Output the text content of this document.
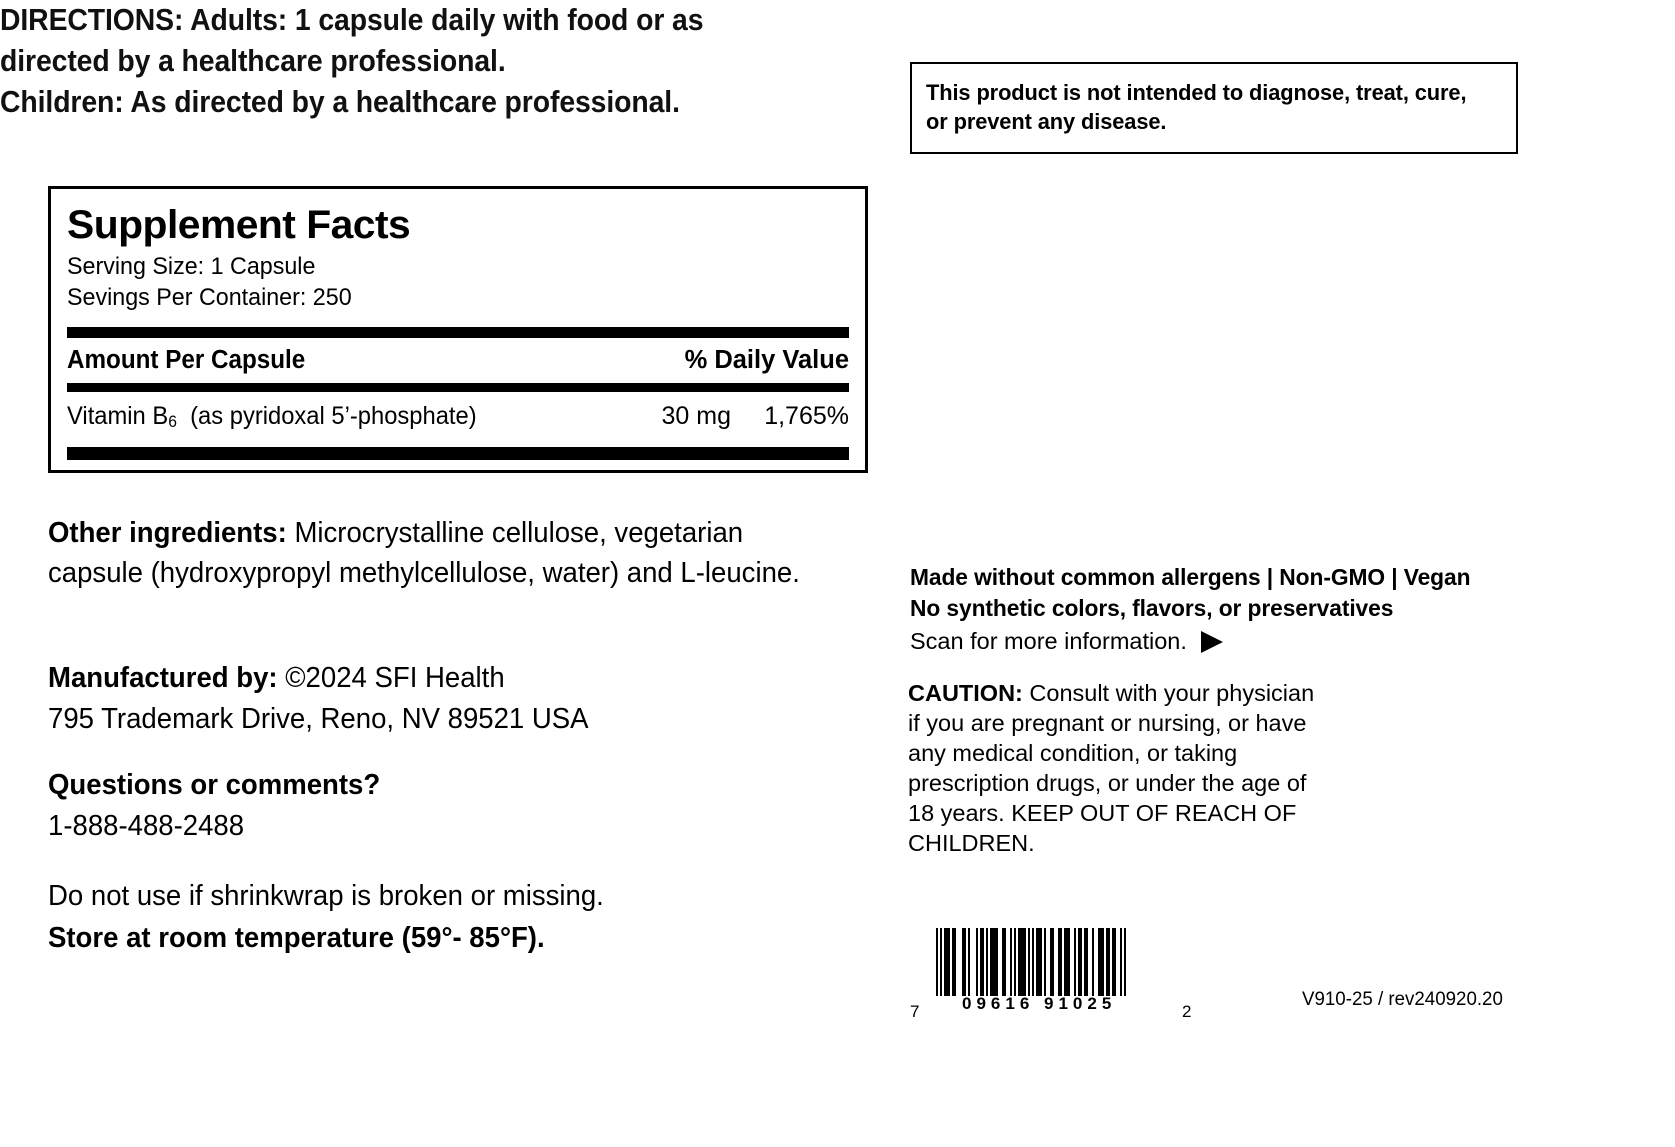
DIRECTIONS: Adults: 1 capsule daily with food or as
directed by a healthcare professional.
Children: As directed by a healthcare professional.
Supplement Facts
Serving Size: 1 Capsule
Sevings Per Container: 250
Amount Per Capsule	% Daily Value
Vitamin $B_6$ (as pyridoxal 5’-phosphate)	30 mg 1,765%
Other ingredients: Microcrystalline cellulose, vegetarian capsule (hydroxypropyl methylcellulose, water) and L-leucine.
Manufactured by: ©2024 SFI Health
795 Trademark Drive, Reno, NV 89521 USA
Questions or comments?
1-888-488-2488
Do not use if shrinkwrap is broken or missing.
Store at room temperature (59°- 85°F).
This product is not intended to diagnose, treat, cure, or prevent any disease.
Made without common allergens | Non-GMO | Vegan
No synthetic colors, flavors, or preservatives
Scan for more information.
CAUTION: Consult with your physician if you are pregnant or nursing, or have any medical condition, or taking prescription drugs, or under the age of 18 years. KEEP OUT OF REACH OF CHILDREN.
7	09616 91025	2
V910-25 / rev240920.20
